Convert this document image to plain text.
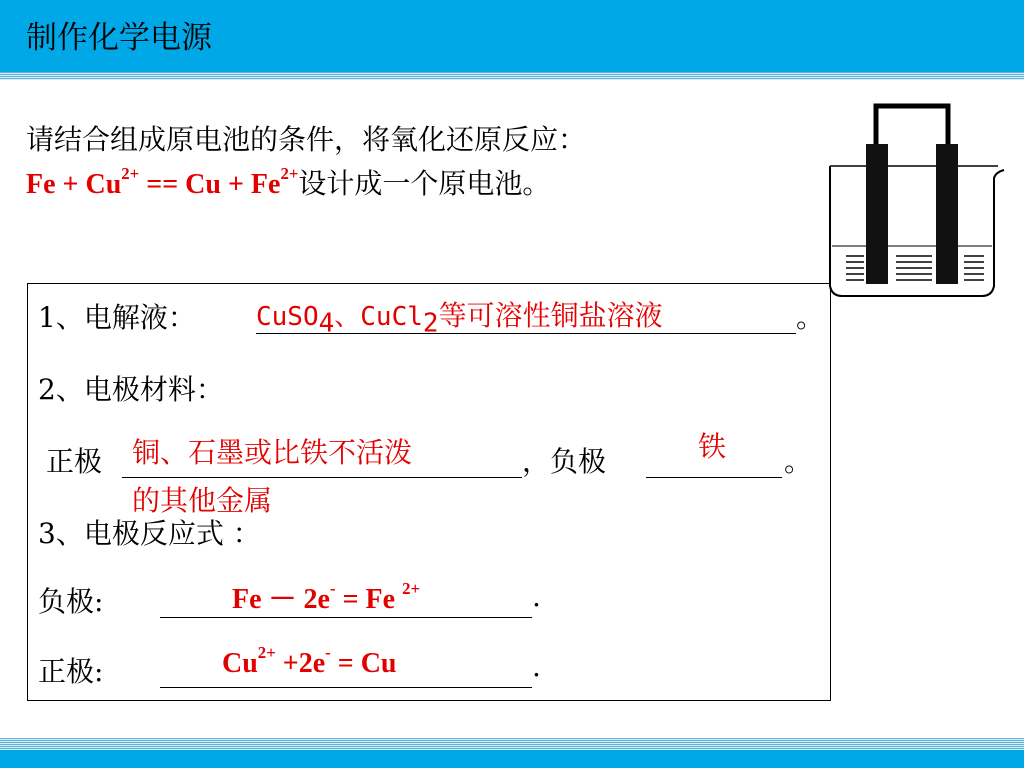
制作化学电源
请结合组成原电池的条件，将氧化还原反应：
$Fe + Cu^{2+} == Cu + Fe^{2+}$设计成一个原电池。
1、电解液： CuSO$_4$、CuCl$_2$等可溶性铜盐溶液	。
2、电极材料：
正极 铜、石墨或比铁不活泼
的其他金属
，负极	铁 。
3、电极反应式 ：
负极:	Fe － 2e- = Fe $^{2+}$	.
正极:	$Cu^{2+} +2e^- = Cu$	.
